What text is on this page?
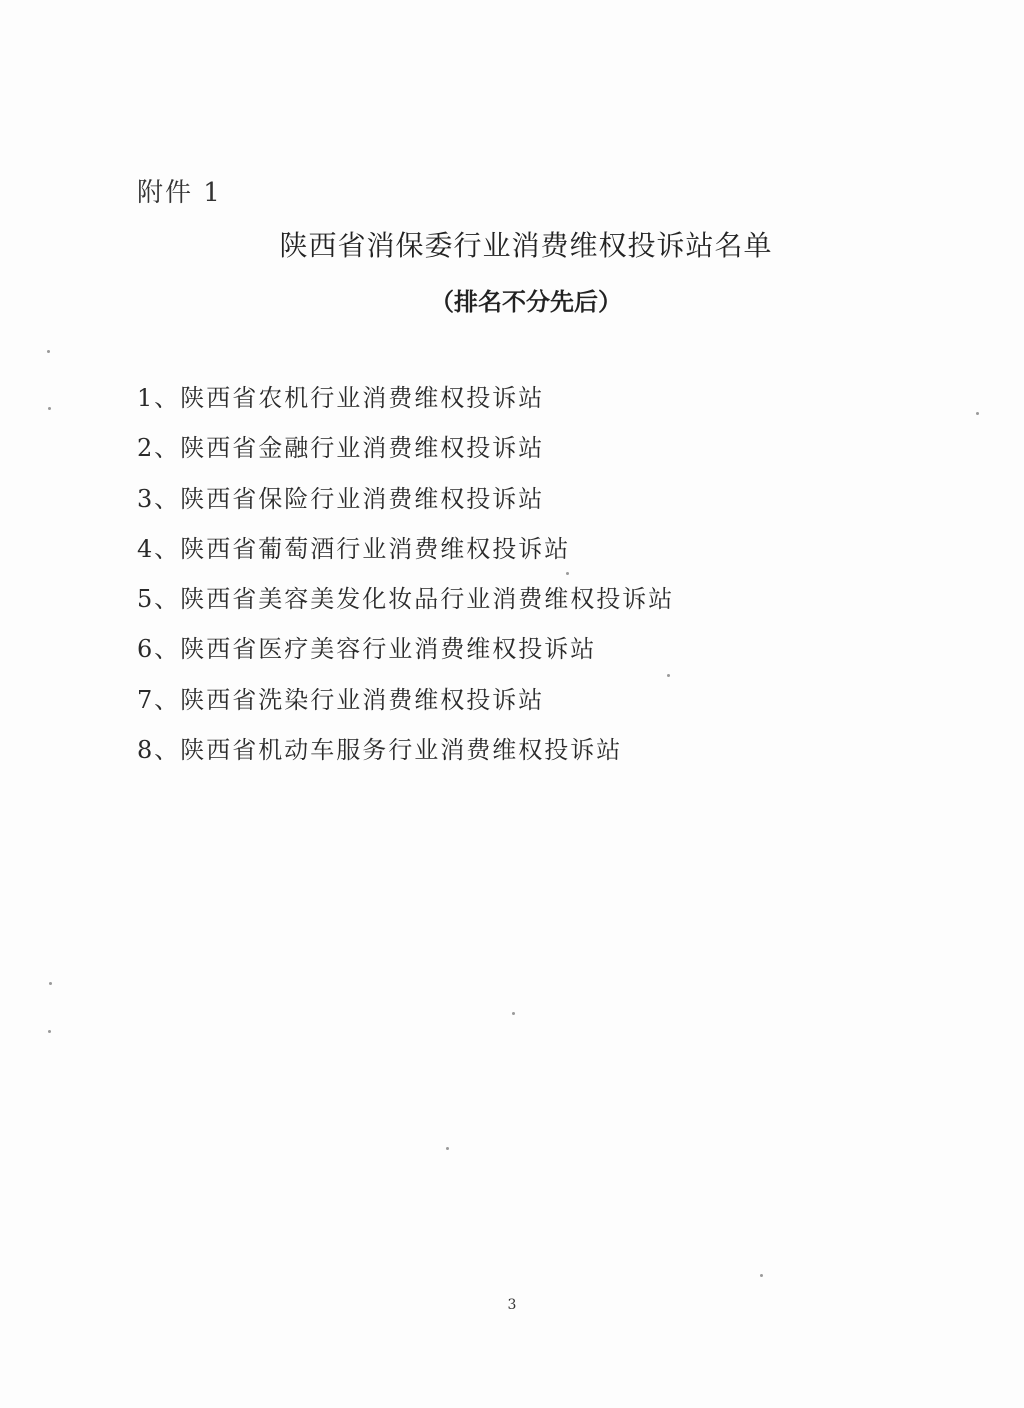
附件 1
陕西省消保委行业消费维权投诉站名单
（排名不分先后）
1、陕西省农机行业消费维权投诉站
2、陕西省金融行业消费维权投诉站
3、陕西省保险行业消费维权投诉站
4、陕西省葡萄酒行业消费维权投诉站
5、陕西省美容美发化妆品行业消费维权投诉站
6、陕西省医疗美容行业消费维权投诉站
7、陕西省洗染行业消费维权投诉站
8、陕西省机动车服务行业消费维权投诉站
3
